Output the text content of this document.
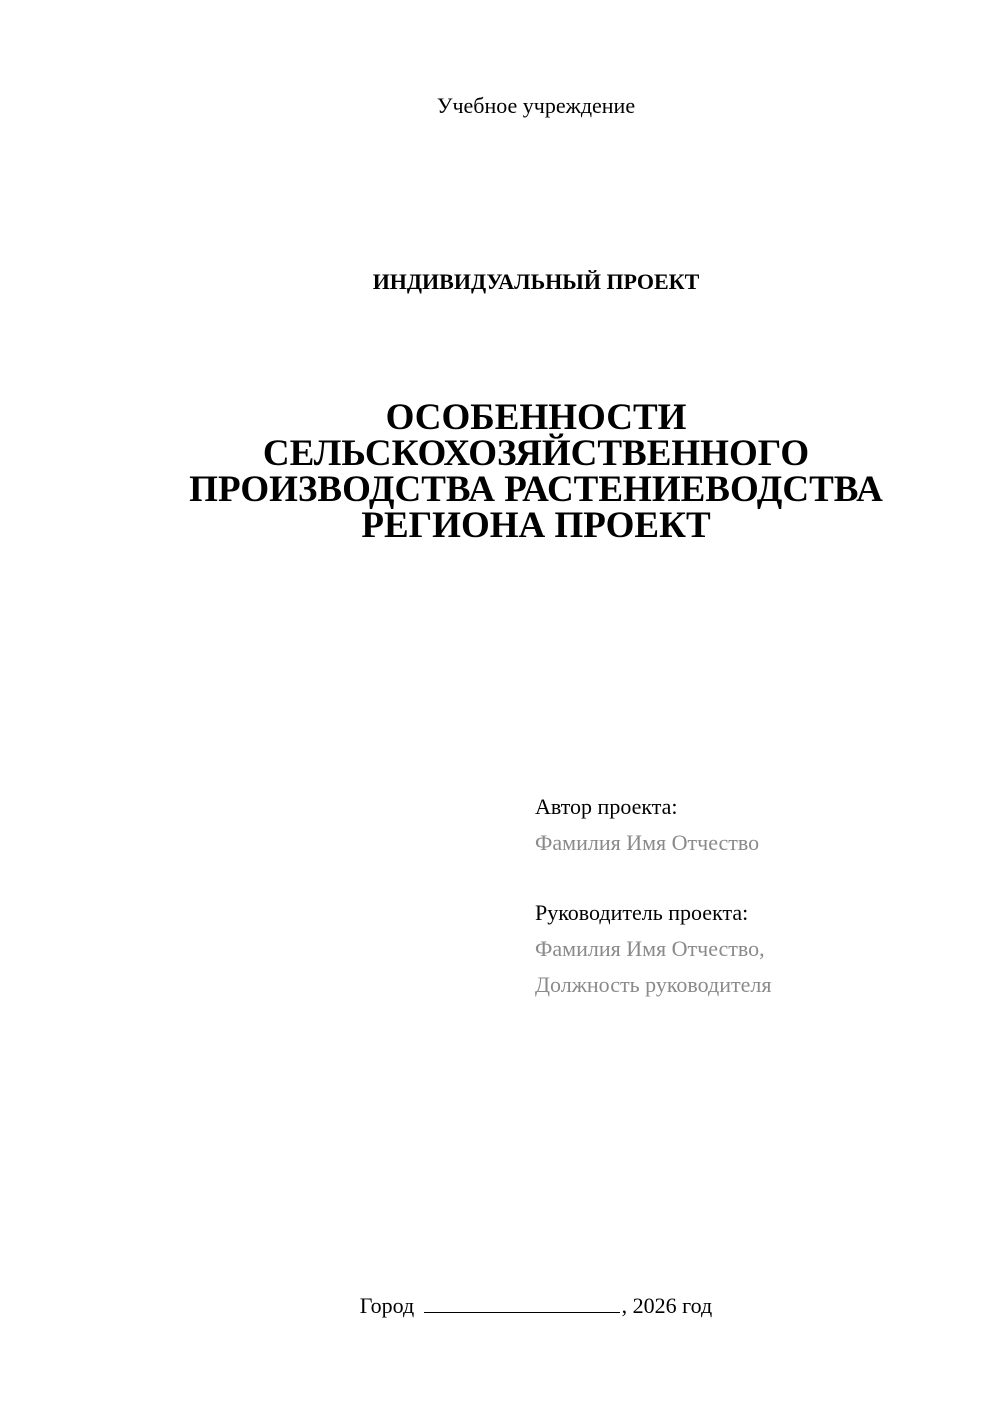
Учебное учреждение
ИНДИВИДУАЛЬНЫЙ ПРОЕКТ
ОСОБЕННОСТИ
СЕЛЬСКОХОЗЯЙСТВЕННОГО
ПРОИЗВОДСТВА РАСТЕНИЕВОДСТВА
РЕГИОНА ПРОЕКТ
Автор проекта:
Фамилия Имя Отчество
Руководитель проекта:
Фамилия Имя Отчество,
Должность руководителя
Город	, 2026 год
